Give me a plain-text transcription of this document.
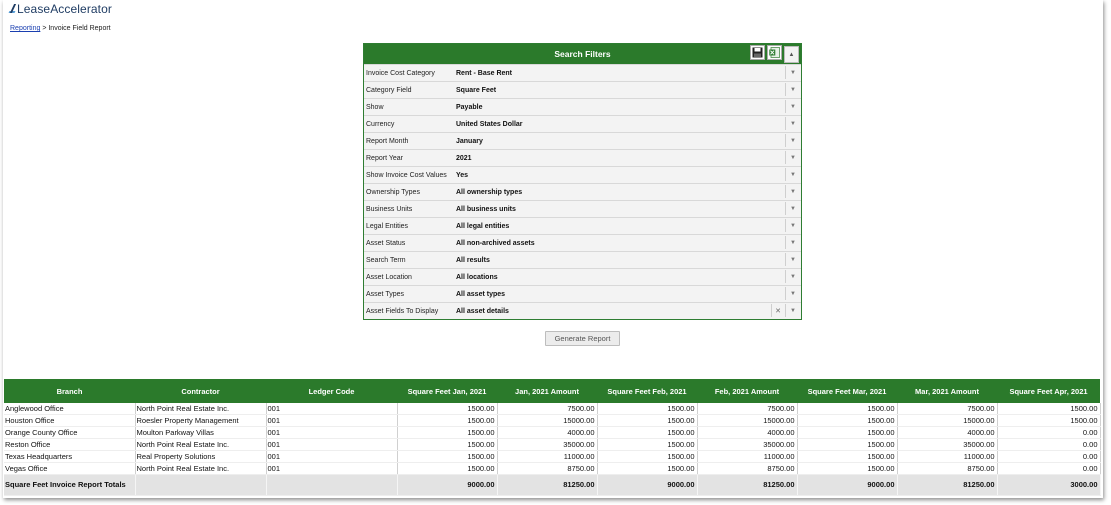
LeaseAccelerator
Reporting > Invoice Field Report
Search Filters	▲
Invoice Cost Category	Rent - Base Rent	▼
Category Field	Square Feet	▼
Show	Payable	▼
Currency	United States Dollar	▼
Report Month	January	▼
Report Year	2021	▼
Show Invoice Cost Values	Yes	▼
Ownership Types	All ownership types	▼
Business Units	All business units	▼
Legal Entities	All legal entities	▼
Asset Status	All non-archived assets	▼
Search Term	All results	▼
Asset Location	All locations	▼
Asset Types	All asset types	▼
Asset Fields To Display	All asset details	✕	▼
Generate Report
Branch	Contractor	Ledger Code	Square Feet Jan, 2021	Jan, 2021 Amount	Square Feet Feb, 2021	Feb, 2021 Amount	Square Feet Mar, 2021	Mar, 2021 Amount	Square Feet Apr, 2021
Anglewood Office	North Point Real Estate Inc.	001	1500.00	7500.00	1500.00	7500.00	1500.00	7500.00	1500.00
Houston Office	Roesler Property Management	001	1500.00	15000.00	1500.00	15000.00	1500.00	15000.00	1500.00
Orange County Office	Moulton Parkway Villas	001	1500.00	4000.00	1500.00	4000.00	1500.00	4000.00	0.00
Reston Office	North Point Real Estate Inc.	001	1500.00	35000.00	1500.00	35000.00	1500.00	35000.00	0.00
Texas Headquarters	Real Property Solutions	001	1500.00	11000.00	1500.00	11000.00	1500.00	11000.00	0.00
Vegas Office	North Point Real Estate Inc.	001	1500.00	8750.00	1500.00	8750.00	1500.00	8750.00	0.00
Square Feet Invoice Report Totals			9000.00	81250.00	9000.00	81250.00	9000.00	81250.00	3000.00
